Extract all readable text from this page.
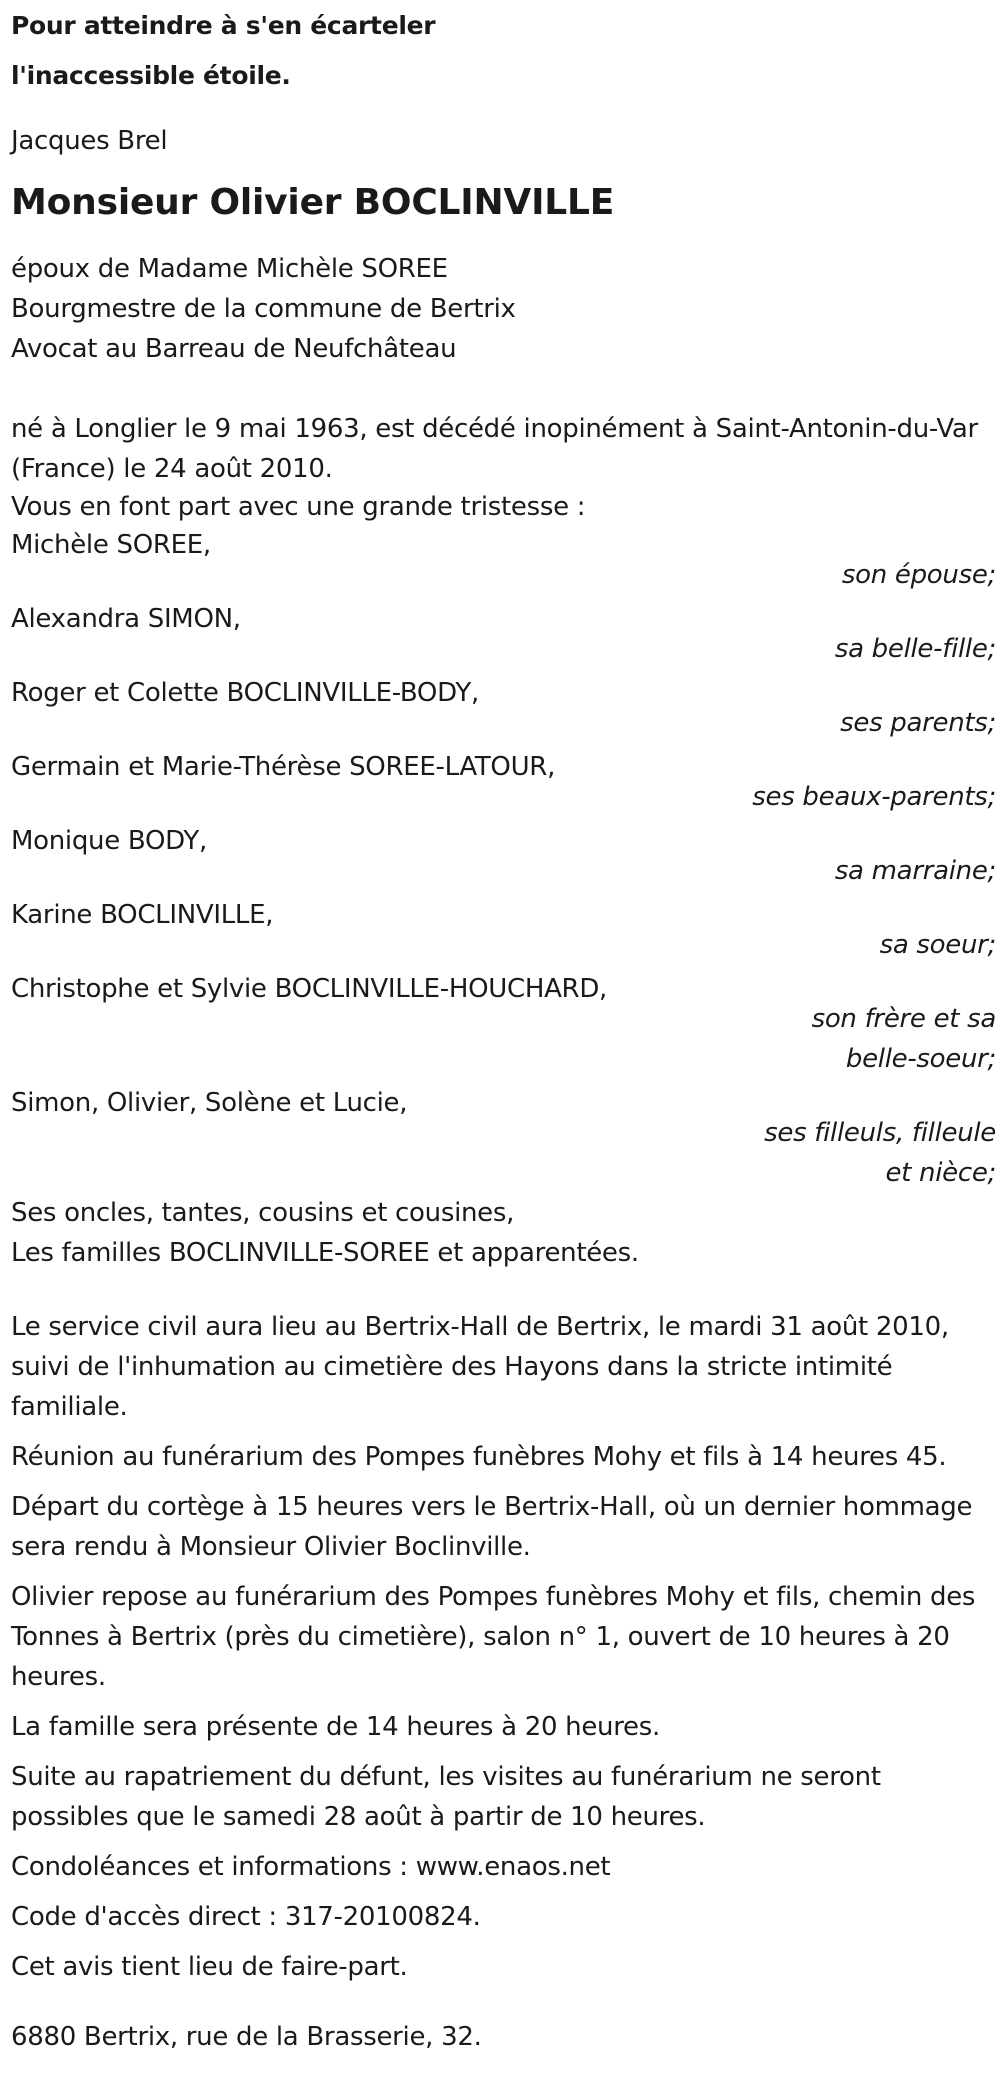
Pour atteindre à s'en écarteler
l'inaccessible étoile.
Jacques Brel
Monsieur Olivier BOCLINVILLE

époux de Madame Michèle SOREE

Bourgmestre de la commune de Bertrix

Avocat au Barreau de Neufchâteau

né à Longlier le 9 mai 1963, est décédé inopinément à Saint-Antonin-du-Var (France) le 24 août 2010.

Vous en font part avec une grande tristesse :

Michèle SOREE,
son épouse;
Alexandra SIMON,
sa belle-fille;
Roger et Colette BOCLINVILLE-BODY,
ses parents;
Germain et Marie-Thérèse SOREE-LATOUR,
ses beaux-parents;
Monique BODY,
sa marraine;
Karine BOCLINVILLE,
sa soeur;
Christophe et Sylvie BOCLINVILLE-HOUCHARD,
son frère et sa belle-soeur;
Simon, Olivier, Solène et Lucie,
ses filleuls, filleule et nièce;
Ses oncles, tantes, cousins et cousines,
Les familles BOCLINVILLE-SOREE et apparentées.

Le service civil aura lieu au Bertrix-Hall de Bertrix, le mardi 31 août 2010, suivi de l'inhumation au cimetière des Hayons dans la stricte intimité familiale.

Réunion au funérarium des Pompes funèbres Mohy et fils à 14 heures 45.

Départ du cortège à 15 heures vers le Bertrix-Hall, où un dernier hommage sera rendu à Monsieur Olivier Boclinville.

Olivier repose au funérarium des Pompes funèbres Mohy et fils, chemin des Tonnes à Bertrix (près du cimetière), salon n° 1, ouvert de 10 heures à 20 heures.

La famille sera présente de 14 heures à 20 heures.

Suite au rapatriement du défunt, les visites au funérarium ne seront possibles que le samedi 28 août à partir de 10 heures.

Condoléances et informations : www.enaos.net

Code d'accès direct : 317-20100824.

Cet avis tient lieu de faire-part.

6880 Bertrix, rue de la Brasserie, 32.
